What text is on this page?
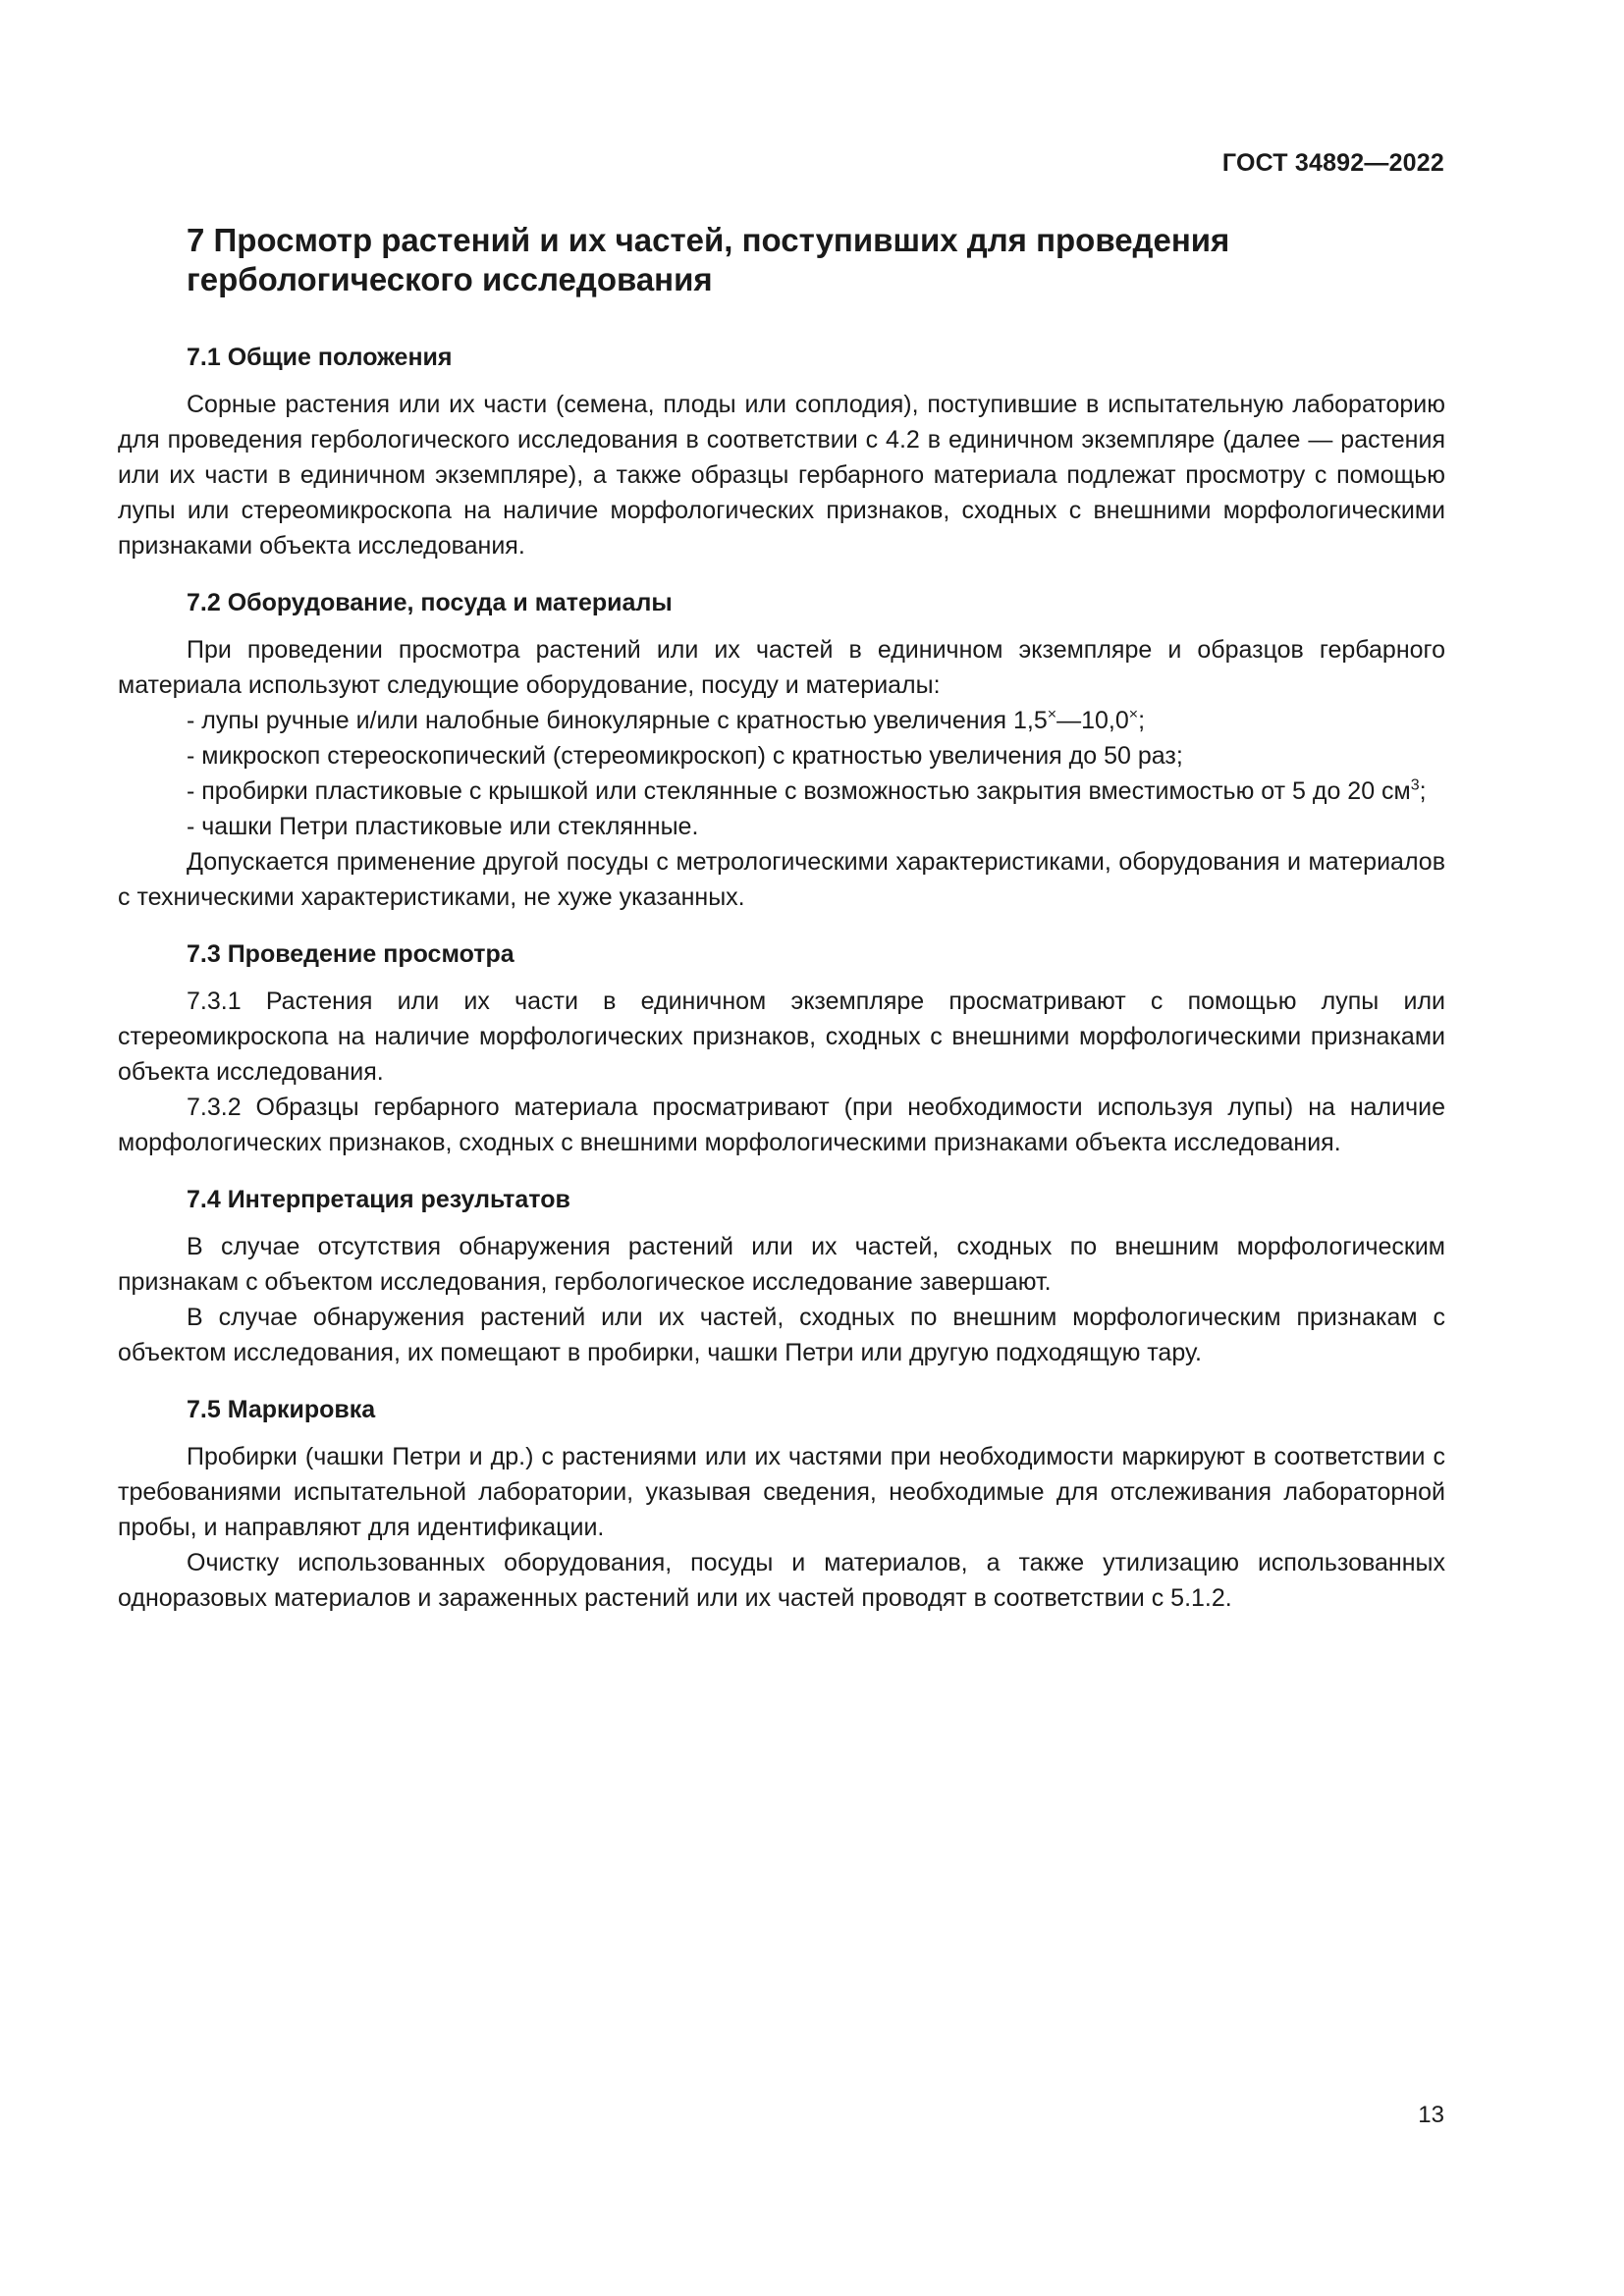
ГОСТ 34892—2022
7 Просмотр растений и их частей, поступивших для проведения гербологического исследования
7.1 Общие положения

Сорные растения или их части (семена, плоды или соплодия), поступившие в испытательную лабораторию для проведения гербологического исследования в соответствии с 4.2 в единичном экземпляре (далее — растения или их части в единичном экземпляре), а также образцы гербарного материала подлежат просмотру с помощью лупы или стереомикроскопа на наличие морфологических признаков, сходных с внешними морфологическими признаками объекта исследования.

7.2 Оборудование, посуда и материалы

При проведении просмотра растений или их частей в единичном экземпляре и образцов гербарного материала используют следующие оборудование, посуду и материалы:

- лупы ручные и/или налобные бинокулярные с кратностью увеличения 1,5×—10,0×;

- микроскоп стереоскопический (стереомикроскоп) с кратностью увеличения до 50 раз;

- пробирки пластиковые с крышкой или стеклянные с возможностью закрытия вместимостью от 5 до 20 $см^3$;

- чашки Петри пластиковые или стеклянные.

Допускается применение другой посуды с метрологическими характеристиками, оборудования и материалов с техническими характеристиками, не хуже указанных.

7.3 Проведение просмотра

7.3.1 Растения или их части в единичном экземпляре просматривают с помощью лупы или стереомикроскопа на наличие морфологических признаков, сходных с внешними морфологическими признаками объекта исследования.

7.3.2 Образцы гербарного материала просматривают (при необходимости используя лупы) на наличие морфологических признаков, сходных с внешними морфологическими признаками объекта исследования.

7.4 Интерпретация результатов

В случае отсутствия обнаружения растений или их частей, сходных по внешним морфологическим признакам с объектом исследования, гербологическое исследование завершают.

В случае обнаружения растений или их частей, сходных по внешним морфологическим признакам с объектом исследования, их помещают в пробирки, чашки Петри или другую подходящую тару.

7.5 Маркировка

Пробирки (чашки Петри и др.) с растениями или их частями при необходимости маркируют в соответствии с требованиями испытательной лаборатории, указывая сведения, необходимые для отслеживания лабораторной пробы, и направляют для идентификации.

Очистку использованных оборудования, посуды и материалов, а также утилизацию использованных одноразовых материалов и зараженных растений или их частей проводят в соответствии с 5.1.2.

13
